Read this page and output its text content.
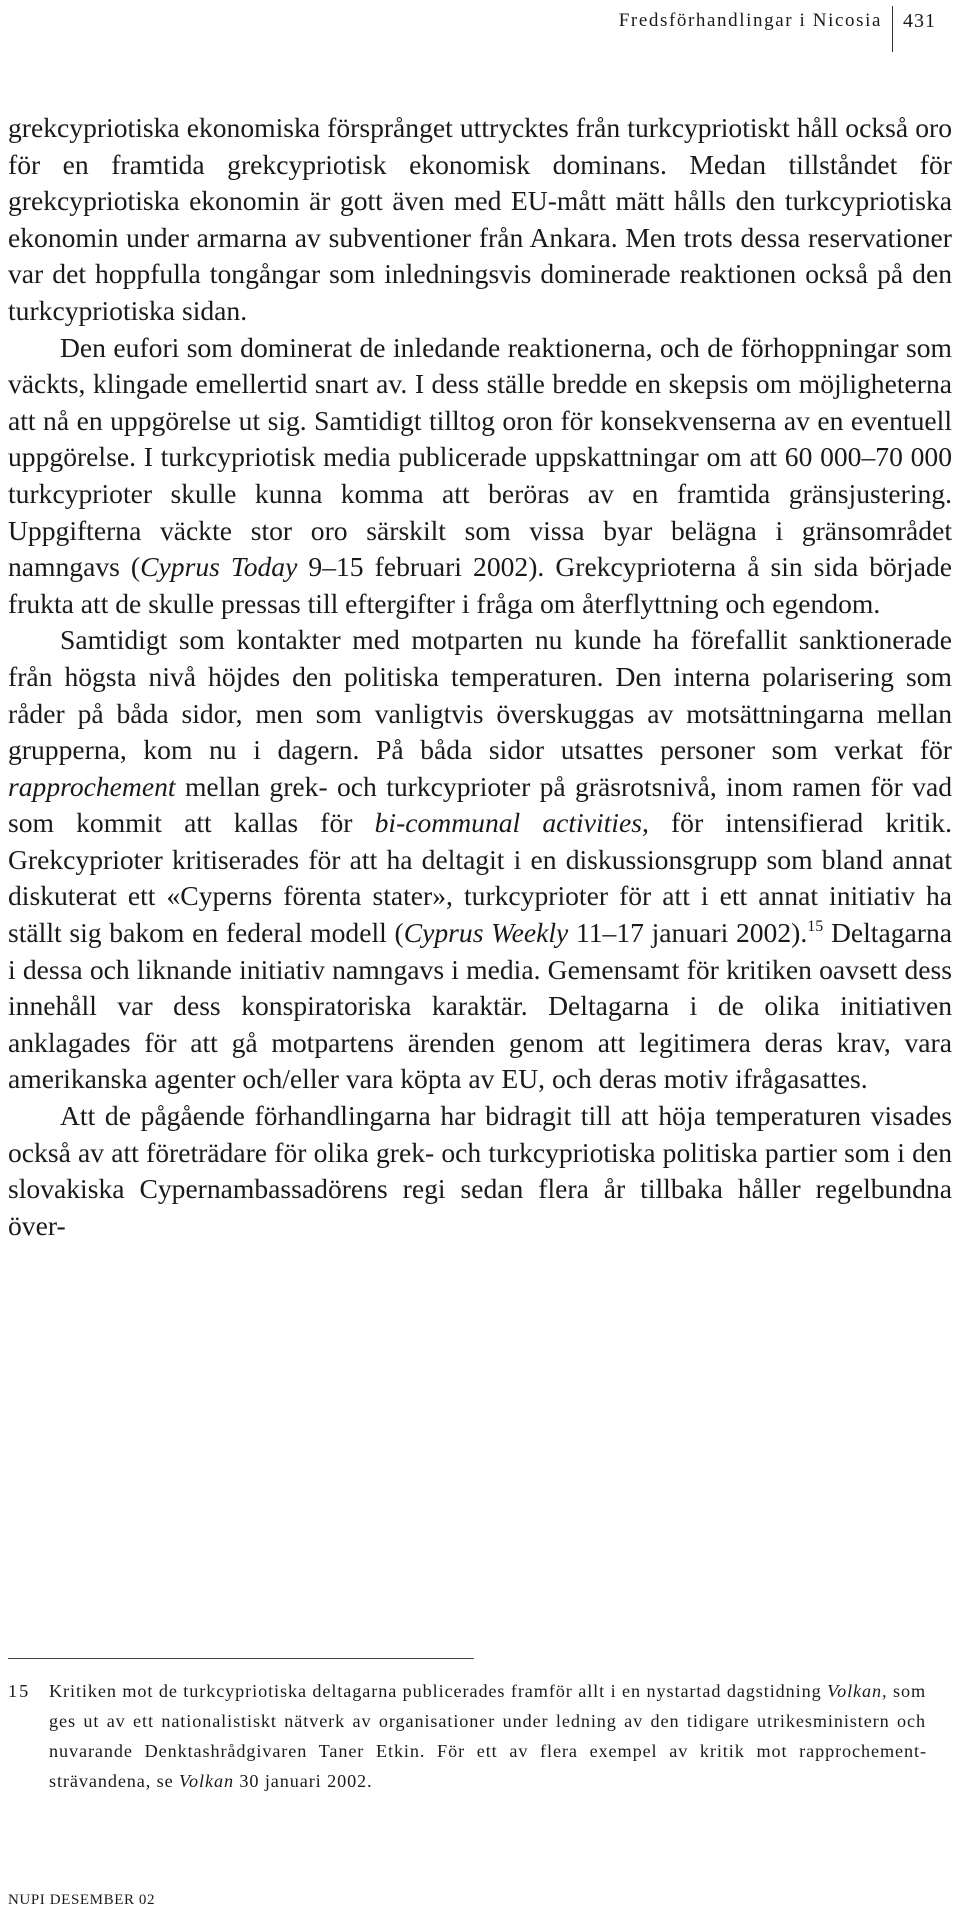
Fredsförhandlingar i Nicosia	431

grekcypriotiska ekonomiska försprånget uttrycktes från turkcypriotiskt håll också oro för en framtida grekcypriotisk ekonomisk dominans. Medan tillståndet för grekcypriotiska ekonomin är gott även med EU-mått mätt hålls den turkcypriotiska ekonomin under armarna av subventioner från Ankara. Men trots dessa reservationer var det hoppfulla tongångar som inledningsvis dominerade reaktionen också på den turkcypriotiska sidan.

Den eufori som dominerat de inledande reaktionerna, och de förhoppningar som väckts, klingade emellertid snart av. I dess ställe bredde en skepsis om möjligheterna att nå en uppgörelse ut sig. Samtidigt tilltog oron för konsekvenserna av en eventuell uppgörelse. I turkcypriotisk media publicerade uppskattningar om att 60 000–70 000 turkcyprioter skulle kunna komma att beröras av en framtida gränsjustering. Uppgifterna väckte stor oro särskilt som vissa byar belägna i gränsområdet namngavs (Cyprus Today 9–15 februari 2002). Grekcyprioterna å sin sida började frukta att de skulle pressas till eftergifter i fråga om återflyttning och egendom.

Samtidigt som kontakter med motparten nu kunde ha förefallit sanktionerade från högsta nivå höjdes den politiska temperaturen. Den interna polarisering som råder på båda sidor, men som vanligtvis överskuggas av motsättningarna mellan grupperna, kom nu i dagern. På båda sidor utsattes personer som verkat för rapprochement mellan grek- och turkcyprioter på gräsrotsnivå, inom ramen för vad som kommit att kallas för bi-communal activities, för intensifierad kritik. Grekcyprioter kritiserades för att ha deltagit i en diskussionsgrupp som bland annat diskuterat ett «Cyperns förenta stater», turkcyprioter för att i ett annat initiativ ha ställt sig bakom en federal modell (Cyprus Weekly 11–17 januari 2002).$^{15}$ Deltagarna i dessa och liknande initiativ namngavs i media. Gemensamt för kritiken oavsett dess innehåll var dess konspiratoriska karaktär. Deltagarna i de olika initiativen anklagades för att gå motpartens ärenden genom att legitimera deras krav, vara amerikanska agenter och/eller vara köpta av EU, och deras motiv ifrågasattes.

Att de pågående förhandlingarna har bidragit till att höja temperaturen visades också av att företrädare för olika grek- och turkcypriotiska politiska partier som i den slovakiska Cypernambassadörens regi sedan flera år tillbaka håller regelbundna över-

15	Kritiken mot de turkcypriotiska deltagarna publicerades framför allt i en nystartad dagstidning Volkan, som ges ut av ett nationalistiskt nätverk av organisationer under ledning av den tidigare utrikesministern och nuvarande Denktashrådgivaren Taner Etkin. För ett av flera exempel av kritik mot rapprochementsträvandena, se Volkan 30 januari 2002.
NUPI DESEMBER 02
